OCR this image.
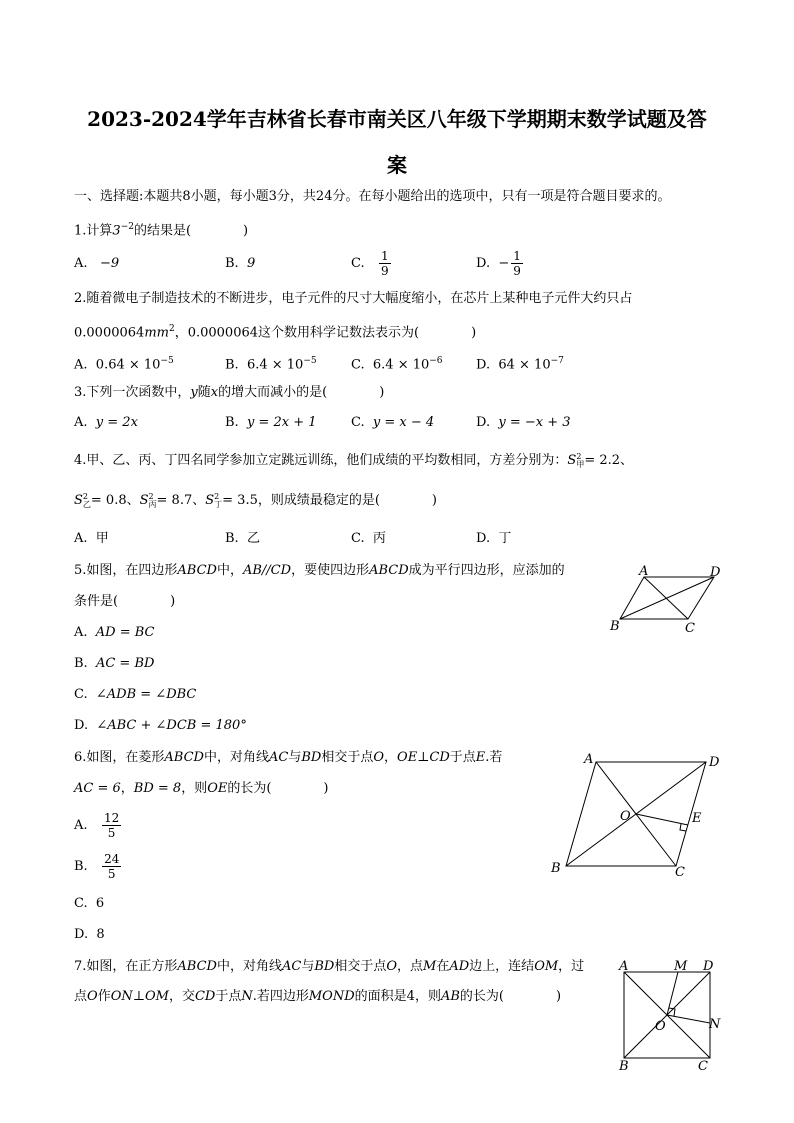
2023-2024学年吉林省长春市南关区八年级下学期期末数学试题及答
案
一、选择题:本题共8小题，每小题3分，共24分。在每小题给出的选项中，只有一项是符合题目要求的。
1.计算$3^{-2}$的结果是(　　　　)
A. −9	B. 9	C. $\frac{1}{9}$	D. − $\frac{1}{9}$
2.随着微电子制造技术的不断进步，电子元件的尺寸大幅度缩小，在芯片上某种电子元件大约只占
$0.0000064mm^2$，0.0000064这个数用科学记数法表示为(　　　　)
A. $0.64 \times 10^{-5}$	B. $6.4 \times 10^{-5}$	C. $6.4 \times 10^{-6}$	D. $64 \times 10^{-7}$
3.下列一次函数中，y随x的增大而减小的是(　　　　)
A. y = 2x	B. y = 2x + 1	C. y = x − 4	D. y = −x + 3
4.甲、乙、丙、丁四名同学参加立定跳远训练，他们成绩的平均数相同，方差分别为：S 2
甲 = 2.2、
S 2
乙 = 0.8、S 2
丙 = 8.7、S 2
丁 = 3.5，则成绩最稳定的是(　　　　)
A. 甲	B. 乙	C. 丙	D. 丁
5.如图，在四边形ABCD中，AB//CD，要使四边形ABCD成为平行四边形，应添加的
条件是(　　　　)
A. AD = BC
B. AC = BD
C. ∠ADB = ∠DBC
D. ∠ABC + ∠DCB = 180°
A	D
B	C
6.如图，在菱形ABCD中，对角线AC与BD相交于点O，OE⊥CD于点E.若
AC = 6，BD = 8，则OE的长为(　　　　)
A. $\frac{12}{5}$
B. $\frac{24}{5}$
C. 6
D. 8
A	D
O	E
B	C
7.如图，在正方形ABCD中，对角线AC与BD相交于点O，点M在AD边上，连结OM，过
点O作ON⊥OM，交CD于点N.若四边形MOND的面积是4，则AB的长为(　　　　)
A	M D
O	N
B	C
